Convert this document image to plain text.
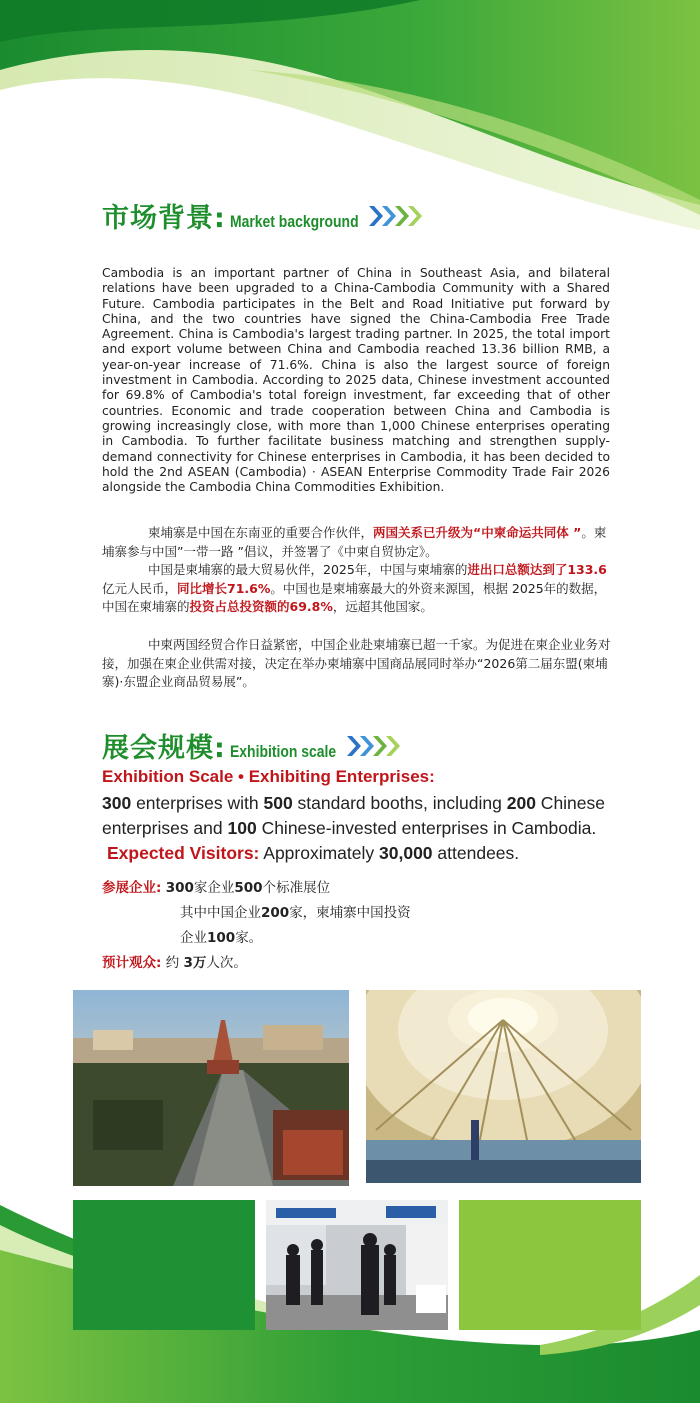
市场背景: Market background

Cambodia is an important partner of China in Southeast Asia, and bilateral relations have been upgraded to a China-Cambodia Community with a Shared Future. Cambodia participates in the Belt and Road Initiative put forward by China, and the two countries have signed the China-Cambodia Free Trade Agreement. China is Cambodia's largest trading partner. In 2025, the total import and export volume between China and Cambodia reached 13.36 billion RMB, a year-on-year increase of 71.6%. China is also the largest source of foreign investment in Cambodia. According to 2025 data, Chinese investment accounted for 69.8% of Cambodia's total foreign investment, far exceeding that of other countries. Economic and trade cooperation between China and Cambodia is growing increasingly close, with more than 1,000 Chinese enterprises operating in Cambodia. To further facilitate business matching and strengthen supply-demand connectivity for Chinese enterprises in Cambodia, it has been decided to hold the 2nd ASEAN (Cambodia) · ASEAN Enterprise Commodity Trade Fair 2026 alongside the Cambodia China Commodities Exhibition.

柬埔寨是中国在东南亚的重要合作伙伴，两国关系已升级为“中柬命运共同体 ”。柬埔寨参与中国”一带一路 ”倡议，并签署了《中柬自贸协定》。

中国是柬埔寨的最大贸易伙伴，2025年，中国与柬埔寨的进出口总额达到了133.6亿元人民币，同比增长71.6%。中国也是柬埔寨最大的外资来源国，根据 2025年的数据，中国在柬埔寨的投资占总投资额的69.8%，远超其他国家。

中柬两国经贸合作日益紧密，中国企业赴柬埔寨已超一千家。为促进在柬企业业务对接，加强在柬企业供需对接，决定在举办柬埔寨中国商品展同时举办“2026第二届东盟(柬埔寨)·东盟企业商品贸易展”。

展会规模: Exhibition scale
Exhibition Scale • Exhibiting Enterprises:
300 enterprises with 500 standard booths, including 200 Chinese
enterprises and 100 Chinese-invested enterprises in Cambodia.
Expected Visitors: Approximately 30,000 attendees.
参展企业: 300家企业500个标准展位
其中中国企业200家，柬埔寨中国投资
企业100家。
预计观众: 约 3万人次。
